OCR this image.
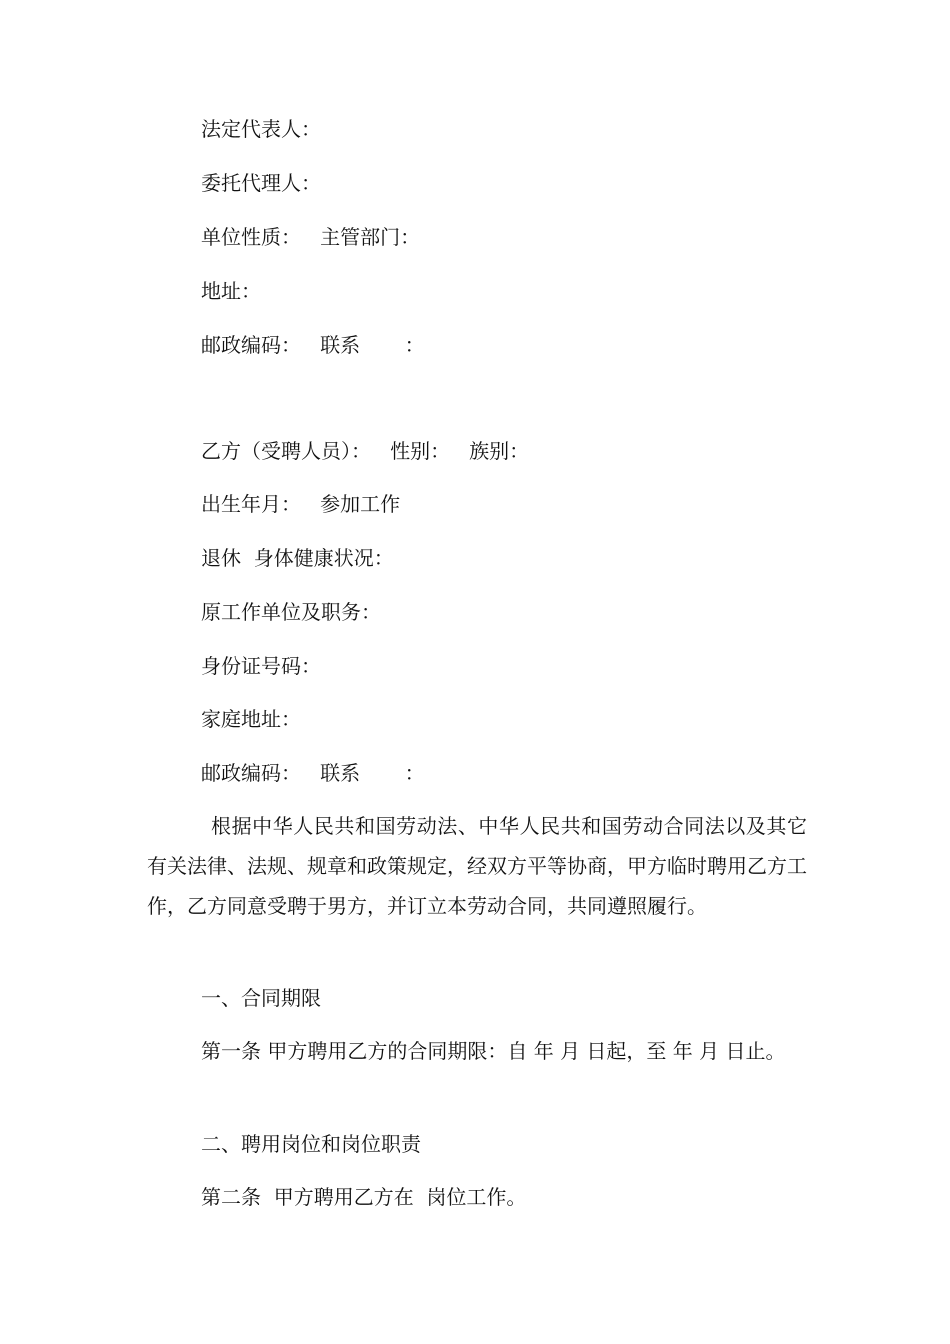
法定代表人：
委托代理人：
单位性质：   主管部门：
地址：
邮政编码：   联系       ：
乙方（受聘人员）：   性别：   族别：
出生年月：   参加工作
退休  身体健康状况：
原工作单位及职务：
身份证号码：
家庭地址：
邮政编码：   联系       ：
根据中华人民共和国劳动法、中华人民共和国劳动合同法以及其它有关法律、法规、规章和政策规定，经双方平等协商，甲方临时聘用乙方工作，乙方同意受聘于男方，并订立本劳动合同，共同遵照履行。
一、合同期限
第一条 甲方聘用乙方的合同期限：自 年 月 日起，至 年 月 日止。
二、聘用岗位和岗位职责
第二条  甲方聘用乙方在  岗位工作。
